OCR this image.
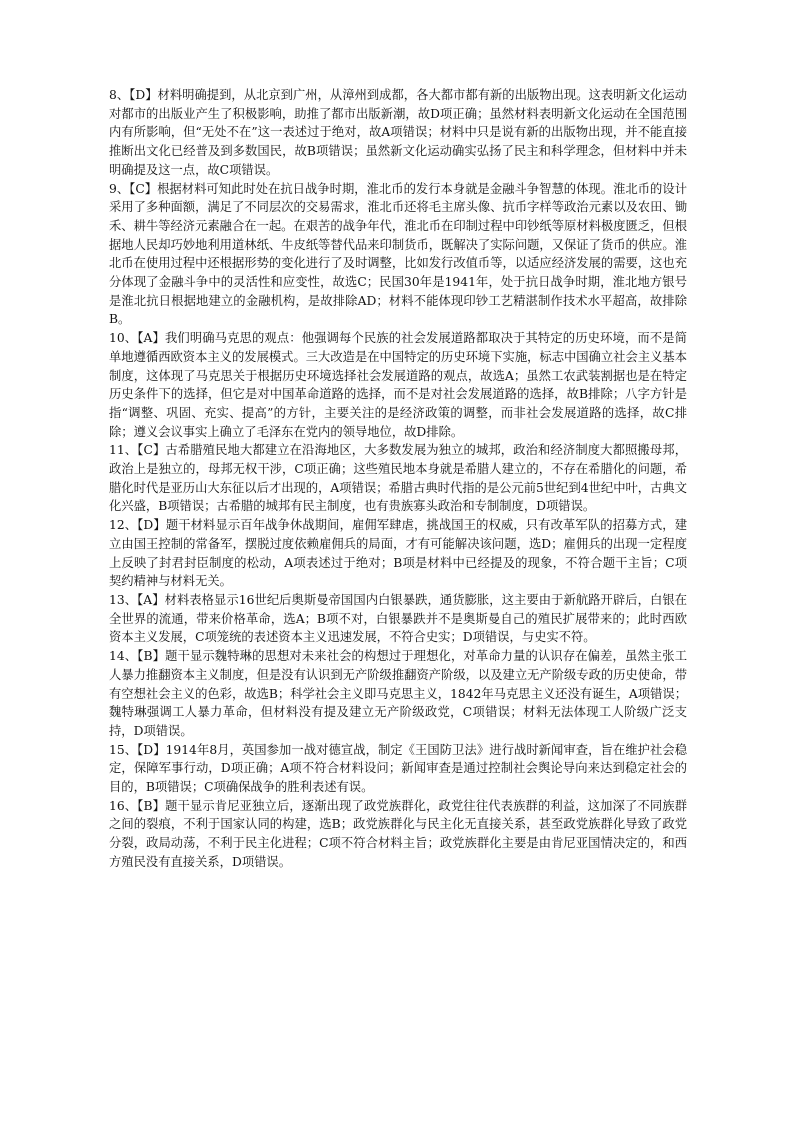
8、【D】材料明确提到，从北京到广州，从漳州到成都，各大都市都有新的出版物出现。这表明新文化运动对都市的出版业产生了积极影响，助推了都市出版新潮，故D项正确；虽然材料表明新文化运动在全国范围内有所影响，但“无处不在”这一表述过于绝对，故A项错误；材料中只是说有新的出版物出现，并不能直接推断出文化已经普及到多数国民，故B项错误；虽然新文化运动确实弘扬了民主和科学理念，但材料中并未明确提及这一点，故C项错误。

9、【C】根据材料可知此时处在抗日战争时期，淮北币的发行本身就是金融斗争智慧的体现。淮北币的设计采用了多种面额，满足了不同层次的交易需求，淮北币还将毛主席头像、抗币字样等政治元素以及农田、锄禾、耕牛等经济元素融合在一起。在艰苦的战争年代，淮北币在印制过程中印钞纸等原材料极度匮乏，但根据地人民却巧妙地利用道林纸、牛皮纸等替代品来印制货币，既解决了实际问题，又保证了货币的供应。淮北币在使用过程中还根据形势的变化进行了及时调整，比如发行改值币等，以适应经济发展的需要，这也充分体现了金融斗争中的灵活性和应变性，故选C；民国30年是1941年，处于抗日战争时期，淮北地方银号是淮北抗日根据地建立的金融机构，是故排除AD；材料不能体现印钞工艺精湛制作技术水平超高，故排除B。

10、【A】我们明确马克思的观点：他强调每个民族的社会发展道路都取决于其特定的历史环境，而不是简单地遵循西欧资本主义的发展模式。三大改造是在中国特定的历史环境下实施，标志中国确立社会主义基本制度，这体现了马克思关于根据历史环境选择社会发展道路的观点，故选A；虽然工农武装割据也是在特定历史条件下的选择，但它是对中国革命道路的选择，而不是对社会发展道路的选择，故B排除；八字方针是指“调整、巩固、充实、提高”的方针，主要关注的是经济政策的调整，而非社会发展道路的选择，故C排除；遵义会议事实上确立了毛泽东在党内的领导地位，故D排除。

11、【C】古希腊殖民地大都建立在沿海地区，大多数发展为独立的城邦，政治和经济制度大都照搬母邦，政治上是独立的，母邦无权干涉，C项正确；这些殖民地本身就是希腊人建立的，不存在希腊化的问题，希腊化时代是亚历山大东征以后才出现的，A项错误；希腊古典时代指的是公元前5世纪到4世纪中叶，古典文化兴盛，B项错误；古希腊的城邦有民主制度，也有贵族寡头政治和专制制度，D项错误。

12、【D】题干材料显示百年战争休战期间，雇佣军肆虐，挑战国王的权威，只有改革军队的招募方式，建立由国王控制的常备军，摆脱过度依赖雇佣兵的局面，才有可能解决该问题，选D；雇佣兵的出现一定程度上反映了封君封臣制度的松动，A项表述过于绝对；B项是材料中已经提及的现象，不符合题干主旨；C项契约精神与材料无关。

13、【A】材料表格显示16世纪后奥斯曼帝国国内白银暴跌，通货膨胀，这主要由于新航路开辟后，白银在全世界的流通，带来价格革命，选A；B项不对，白银暴跌并不是奥斯曼自己的殖民扩展带来的；此时西欧资本主义发展，C项笼统的表述资本主义迅速发展，不符合史实；D项错误，与史实不符。

14、【B】题干显示魏特琳的思想对未来社会的构想过于理想化，对革命力量的认识存在偏差，虽然主张工人暴力推翻资本主义制度，但是没有认识到无产阶级推翻资产阶级，以及建立无产阶级专政的历史使命，带有空想社会主义的色彩，故选B；科学社会主义即马克思主义，1842年马克思主义还没有诞生，A项错误；魏特琳强调工人暴力革命，但材料没有提及建立无产阶级政党，C项错误；材料无法体现工人阶级广泛支持，D项错误。

15、【D】1914年8月，英国参加一战对德宣战，制定《王国防卫法》进行战时新闻审查，旨在维护社会稳定，保障军事行动，D项正确；A项不符合材料设问；新闻审查是通过控制社会舆论导向来达到稳定社会的目的，B项错误；C项确保战争的胜利表述有误。

16、【B】题干显示肯尼亚独立后，逐渐出现了政党族群化，政党往往代表族群的利益，这加深了不同族群之间的裂痕，不利于国家认同的构建，选B；政党族群化与民主化无直接关系，甚至政党族群化导致了政党分裂，政局动荡，不利于民主化进程；C项不符合材料主旨；政党族群化主要是由肯尼亚国情决定的，和西方殖民没有直接关系，D项错误。
